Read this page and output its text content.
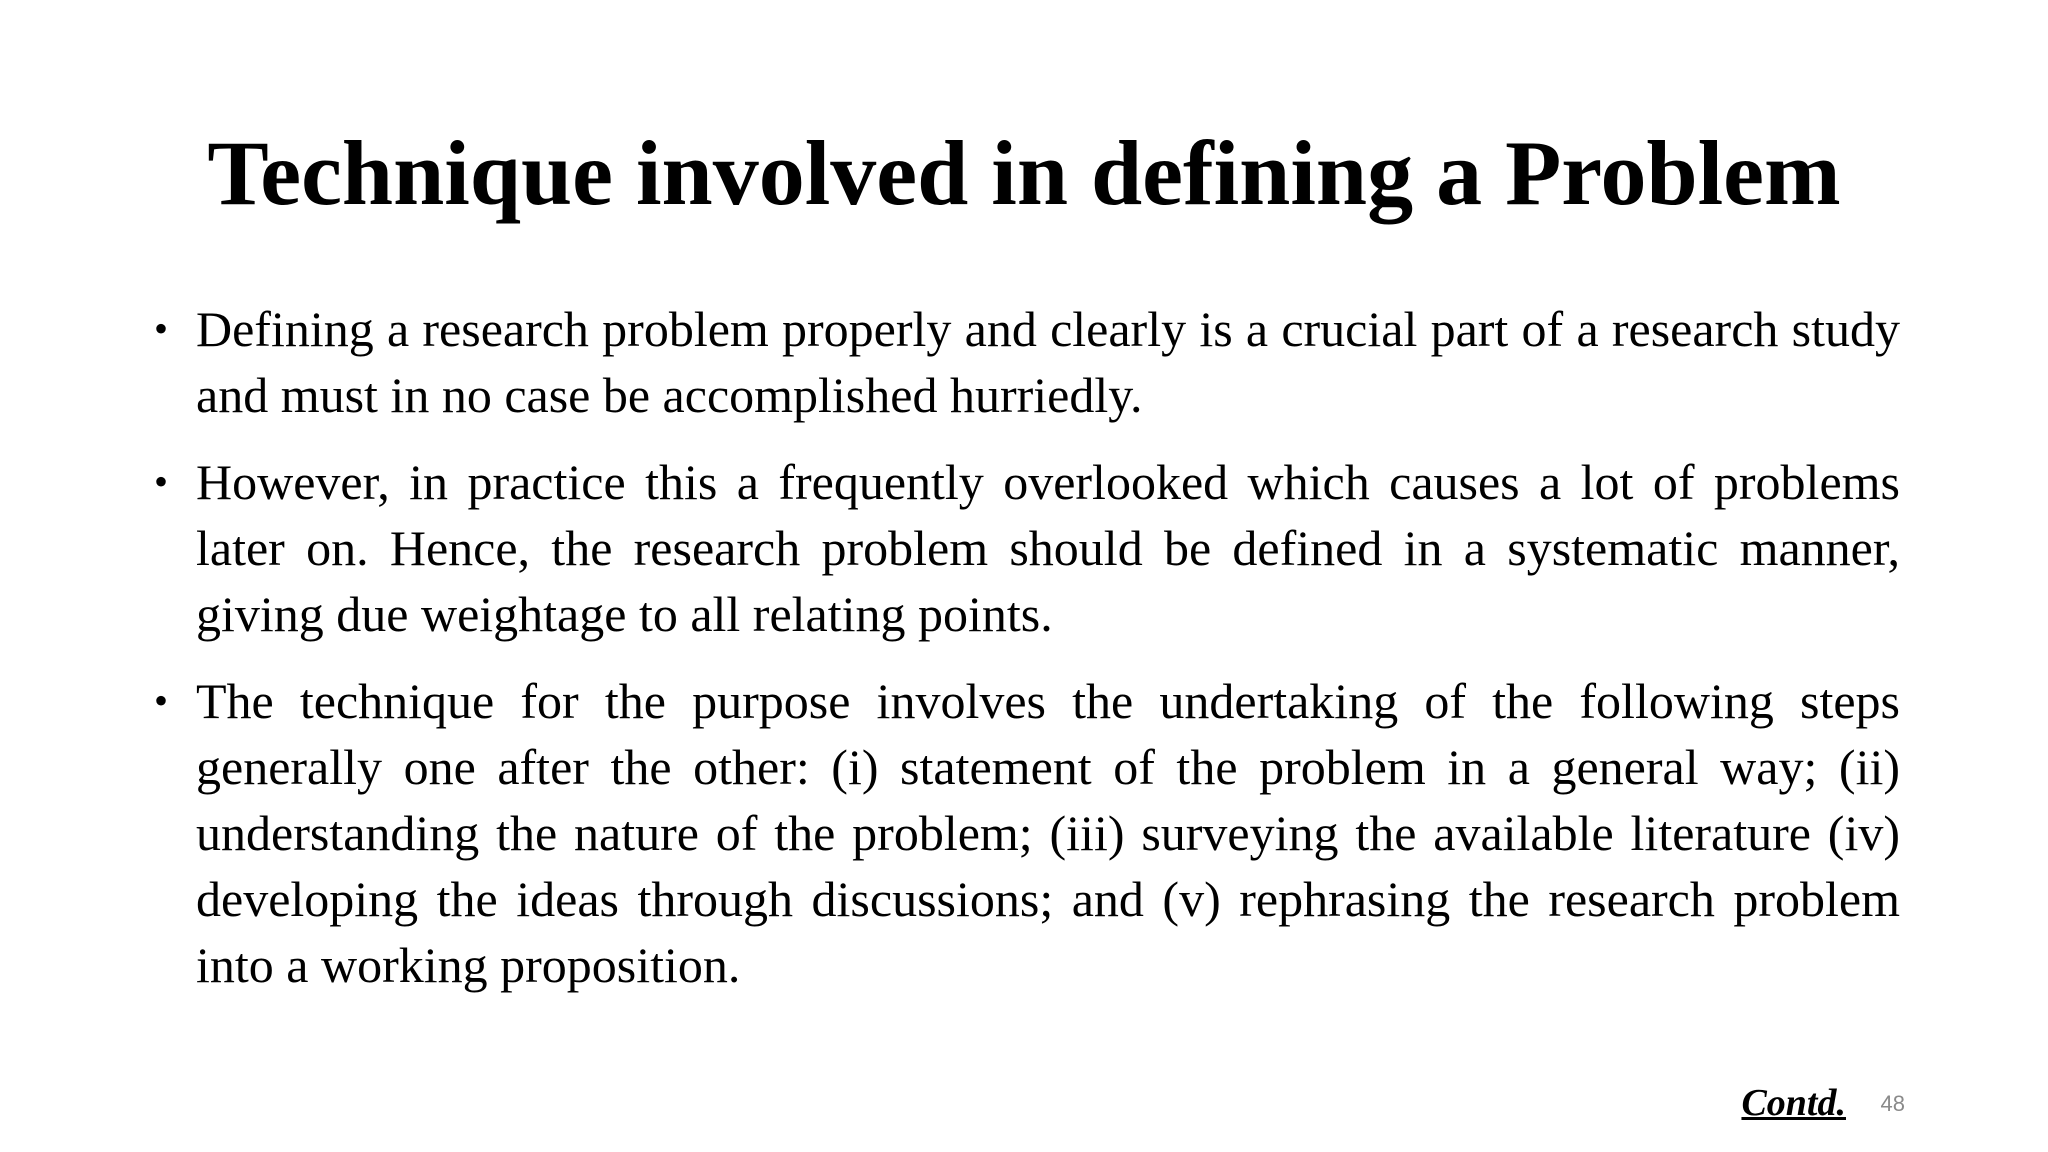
Technique involved in defining a Problem
• Defining a research problem properly and clearly is a crucial part of a research study and must in no case be accomplished hurriedly.
• However, in practice this a frequently overlooked which causes a lot of problems later on. Hence, the research problem should be defined in a systematic manner, giving due weightage to all relating points.
• The technique for the purpose involves the undertaking of the following steps generally one after the other: (i) statement of the problem in a general way; (ii) understanding the nature of the problem; (iii) surveying the available literature (iv) developing the ideas through discussions; and (v) rephrasing the research problem into a working proposition.
Contd. 48
